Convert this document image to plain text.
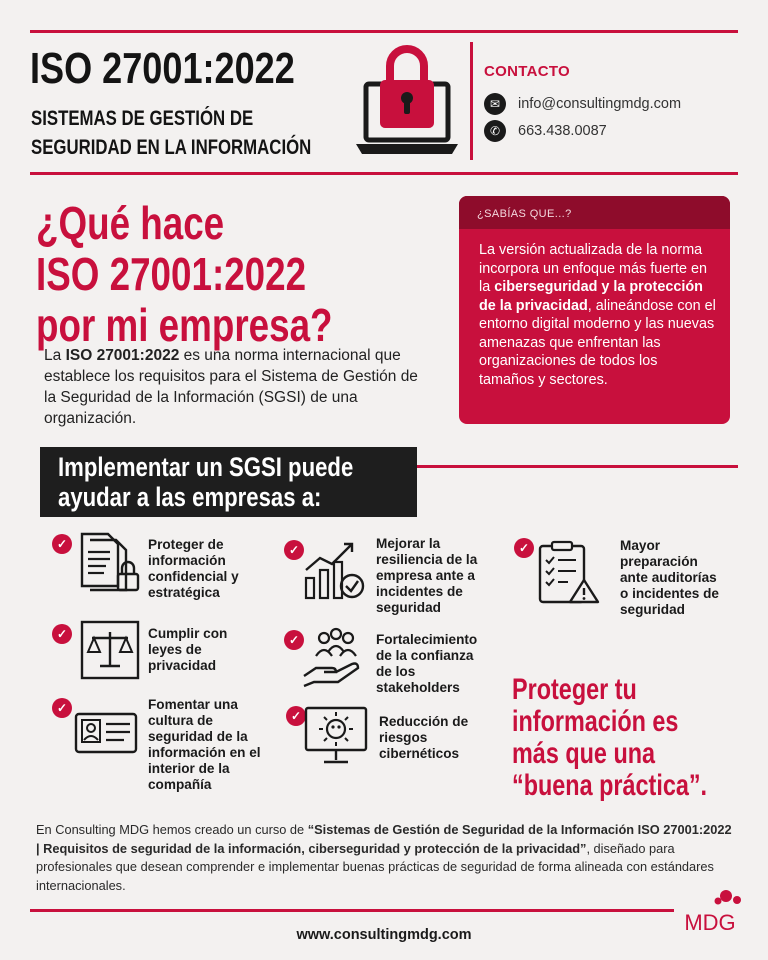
ISO 27001:2022
SISTEMAS DE GESTIÓN DE
SEGURIDAD EN LA INFORMACIÓN
CONTACTO
✉	info@consultingmdg.com
✆	663.438.0087
¿Qué hace
ISO 27001:2022
por mi empresa?
La ISO 27001:2022 es una norma internacional que establece los requisitos para el Sistema de Gestión de la Seguridad de la Información (SGSI) de una organización.
¿SABÍAS QUE...?
La versión actualizada de la norma incorpora un enfoque más fuerte en la ciberseguridad y la protección de la privacidad, alineándose con el entorno digital moderno y las nuevas amenazas que enfrentan las organizaciones de todos los tamaños y sectores.
Implementar un SGSI puede
ayudar a las empresas a:
✓	Proteger de información confidencial y estratégica
✓	Cumplir con leyes de privacidad
✓	Fomentar una cultura de seguridad de la información en el interior de la compañía
✓	Mejorar la resiliencia de la empresa ante a incidentes de seguridad
✓	Fortalecimiento de la confianza de los stakeholders
✓	Reducción de riesgos cibernéticos
✓	Mayor preparación ante auditorías o incidentes de seguridad
Proteger tu
información es
más que una
“buena práctica”.
En Consulting MDG hemos creado un curso de “Sistemas de Gestión de Seguridad de la Información ISO 27001:2022 | Requisitos de seguridad de la información, ciberseguridad y protección de la privacidad”, diseñado para profesionales que desean comprender e implementar buenas prácticas de seguridad de forma alineada con estándares internacionales.
MDG
www.consultingmdg.com
